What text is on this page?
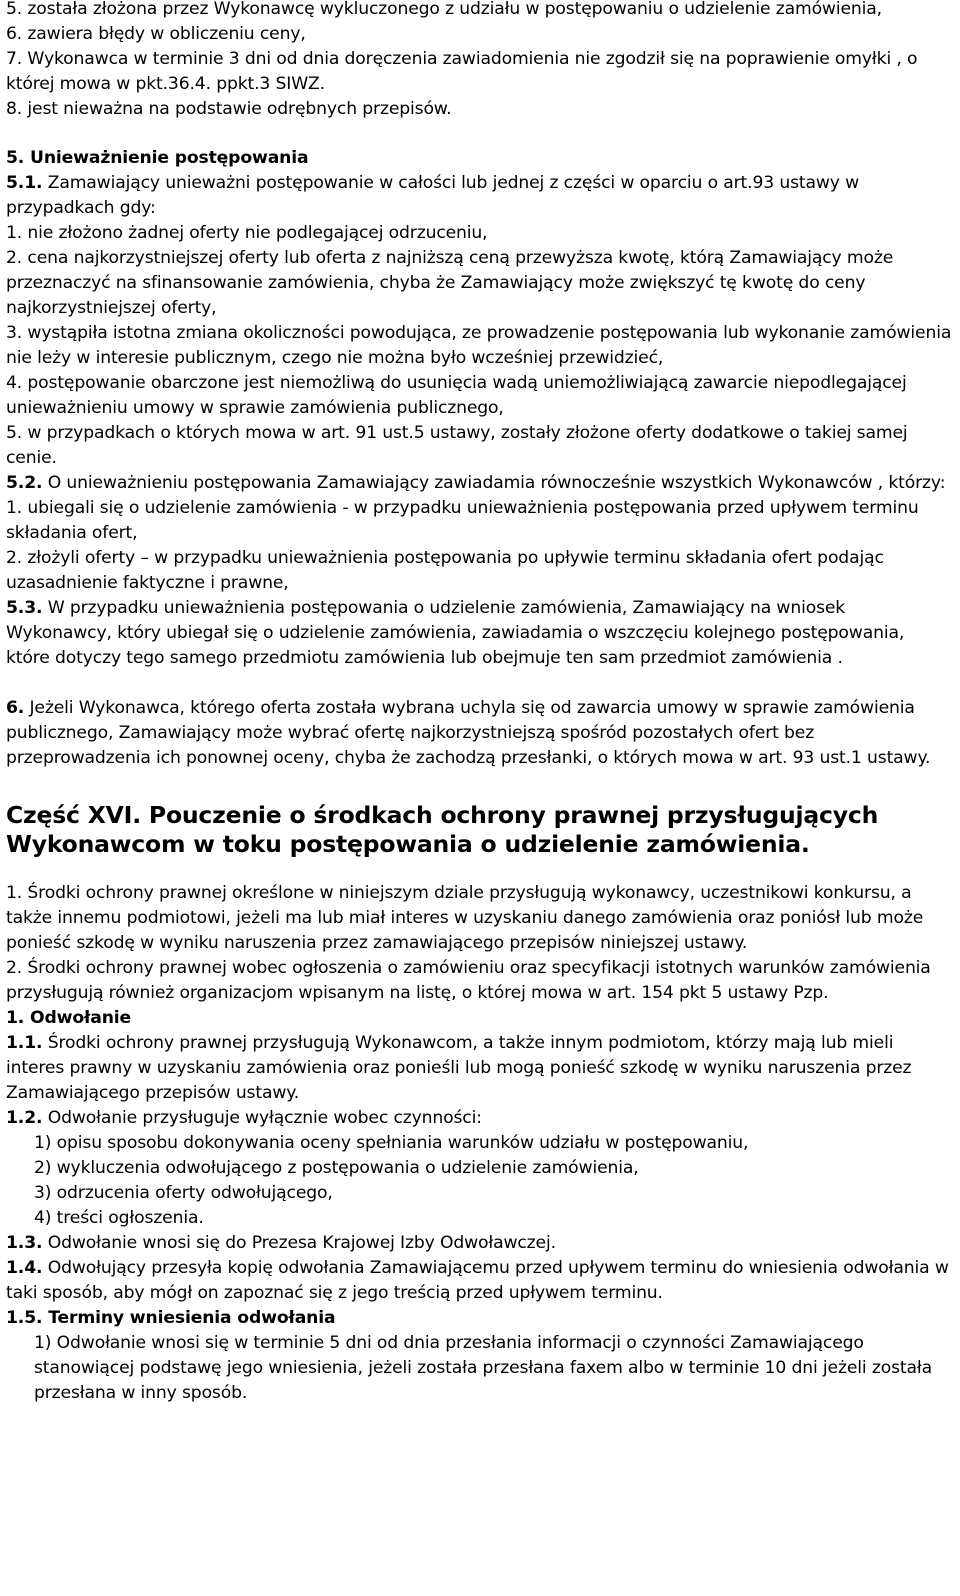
5. została złożona przez Wykonawcę wykluczonego z udziału w postępowaniu o udzielenie zamówienia,

6. zawiera błędy w obliczeniu ceny,

7. Wykonawca w terminie 3 dni od dnia doręczenia zawiadomienia nie zgodził się na poprawienie omyłki , o której mowa w pkt.36.4. ppkt.3 SIWZ.

8. jest nieważna na podstawie odrębnych przepisów.

5. Unieważnienie postępowania

5.1. Zamawiający unieważni postępowanie w całości lub jednej z części w oparciu o art.93 ustawy w przypadkach gdy:

1. nie złożono żadnej oferty nie podlegającej odrzuceniu,

2. cena najkorzystniejszej oferty lub oferta z najniższą ceną przewyższa kwotę, którą Zamawiający może przeznaczyć na sfinansowanie zamówienia, chyba że Zamawiający może zwiększyć tę kwotę do ceny najkorzystniejszej oferty,

3. wystąpiła istotna zmiana okoliczności powodująca, ze prowadzenie postępowania lub wykonanie zamówienia nie leży w interesie publicznym, czego nie można było wcześniej przewidzieć,

4. postępowanie obarczone jest niemożliwą do usunięcia wadą uniemożliwiającą zawarcie niepodlegającej unieważnieniu umowy w sprawie zamówienia publicznego,

5. w przypadkach o których mowa w art. 91 ust.5 ustawy, zostały złożone oferty dodatkowe o takiej samej cenie.

5.2. O unieważnieniu postępowania Zamawiający zawiadamia równocześnie wszystkich Wykonawców , którzy:

1. ubiegali się o udzielenie zamówienia - w przypadku unieważnienia postępowania przed upływem terminu składania ofert,

2. złożyli oferty – w przypadku unieważnienia postępowania po upływie terminu składania ofert podając uzasadnienie faktyczne i prawne,

5.3. W przypadku unieważnienia postępowania o udzielenie zamówienia, Zamawiający na wniosek Wykonawcy, który ubiegał się o udzielenie zamówienia, zawiadamia o wszczęciu kolejnego postępowania, które dotyczy tego samego przedmiotu zamówienia lub obejmuje ten sam przedmiot zamówienia .

6. Jeżeli Wykonawca, którego oferta została wybrana uchyla się od zawarcia umowy w sprawie zamówienia publicznego, Zamawiający może wybrać ofertę najkorzystniejszą spośród pozostałych ofert bez przeprowadzenia ich ponownej oceny, chyba że zachodzą przesłanki, o których mowa w art. 93 ust.1 ustawy.

Część XVI. Pouczenie o środkach ochrony prawnej przysługujących Wykonawcom w toku postępowania o udzielenie zamówienia.

1. Środki ochrony prawnej określone w niniejszym dziale przysługują wykonawcy, uczestnikowi konkursu, a także innemu podmiotowi, jeżeli ma lub miał interes w uzyskaniu danego zamówienia oraz poniósł lub może ponieść szkodę w wyniku naruszenia przez zamawiającego przepisów niniejszej ustawy.

2. Środki ochrony prawnej wobec ogłoszenia o zamówieniu oraz specyfikacji istotnych warunków zamówienia przysługują również organizacjom wpisanym na listę, o której mowa w art. 154 pkt 5 ustawy Pzp.

1. Odwołanie

1.1. Środki ochrony prawnej przysługują Wykonawcom, a także innym podmiotom, którzy mają lub mieli interes prawny w uzyskaniu zamówienia oraz ponieśli lub mogą ponieść szkodę w wyniku naruszenia przez Zamawiającego przepisów ustawy.

1.2. Odwołanie przysługuje wyłącznie wobec czynności:

1) opisu sposobu dokonywania oceny spełniania warunków udziału w postępowaniu,

2) wykluczenia odwołującego z postępowania o udzielenie zamówienia,

3) odrzucenia oferty odwołującego,

4) treści ogłoszenia.

1.3. Odwołanie wnosi się do Prezesa Krajowej Izby Odwoławczej.

1.4. Odwołujący przesyła kopię odwołania Zamawiającemu przed upływem terminu do wniesienia odwołania w taki sposób, aby mógł on zapoznać się z jego treścią przed upływem terminu.

1.5. Terminy wniesienia odwołania

1) Odwołanie wnosi się w terminie 5 dni od dnia przesłania informacji o czynności Zamawiającego stanowiącej podstawę jego wniesienia, jeżeli została przesłana faxem albo w terminie 10 dni jeżeli została przesłana w inny sposób.
